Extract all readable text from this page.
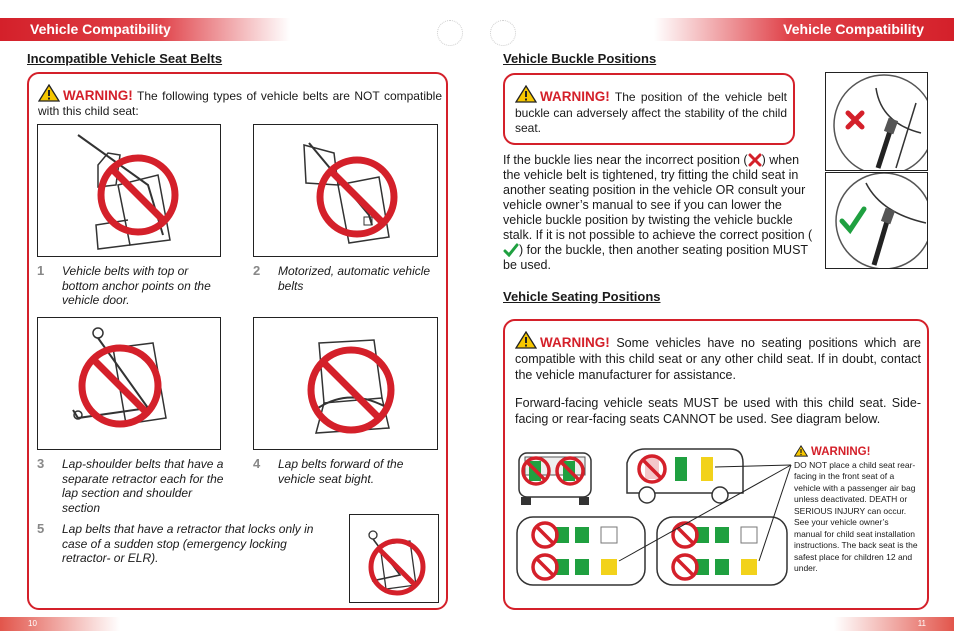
Vehicle Compatibility	Vehicle Compatibility
Incompatible Vehicle Seat Belts
WARNING! The following types of vehicle belts are NOT compatible with this child seat:
1	Vehicle belts with top or bottom anchor points on the vehicle door.
2	Motorized, automatic vehicle belts
3	Lap-shoulder belts that have a separate retractor each for the lap section and shoulder section
4	Lap belts forward of the vehicle seat bight.
5	Lap belts that have a retractor that locks only in case of a sudden stop (emergency locking retractor- or ELR).
Vehicle Buckle Positions
WARNING! The position of the vehicle belt buckle can adversely affect the stability of the child seat.
If the buckle lies near the incorrect position ( ) when the vehicle belt is tightened, try fitting the child seat in another seating position in the vehicle OR consult your vehicle owner’s manual to see if you can lower the vehicle buckle position by twisting the vehicle buckle stalk. If it is not possible to achieve the correct position () for the buckle, then another seating position MUST be used.
Vehicle Seating Positions
WARNING! Some vehicles have no seating positions which are compatible with this child seat or any other child seat. If in doubt, contact the vehicle manufacturer for assistance.
Forward-facing vehicle seats MUST be used with this child seat. Side-facing or rear-facing seats CANNOT be used. See diagram below.
WARNING!
DO NOT place a child seat rear-facing in the front seat of a vehicle with a passenger air bag unless deactivated. DEATH or SERIOUS INJURY can occur. See your vehicle owner’s manual for child seat installation instructions. The back seat is the safest place for children 12 and under.
10	11
